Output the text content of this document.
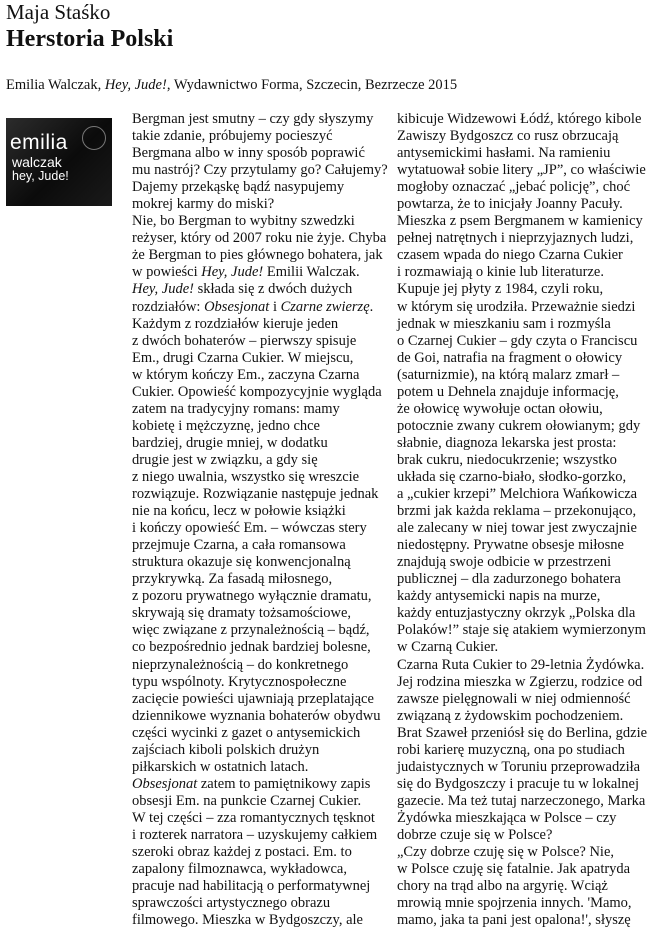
Maja Staśko
Herstoria Polski
Emilia Walczak, Hey, Jude!, Wydawnictwo Forma, Szczecin, Bezrzecze 2015
emilia
walczak
hey, Jude!
Bergman jest smutny – czy gdy słyszymy
takie zdanie, próbujemy pocieszyć
Bergmana albo w inny sposób poprawić
mu nastrój? Czy przytulamy go? Całujemy?
Dajemy przekąskę bądź nasypujemy
mokrej karmy do miski?
Nie, bo Bergman to wybitny szwedzki
reżyser, który od 2007 roku nie żyje. Chyba
że Bergman to pies głównego bohatera, jak
w powieści Hey, Jude! Emilii Walczak.
Hey, Jude! składa się z dwóch dużych
rozdziałów: Obsesjonat i Czarne zwierzę.
Każdym z rozdziałów kieruje jeden
z dwóch bohaterów – pierwszy spisuje
Em., drugi Czarna Cukier. W miejscu,
w którym kończy Em., zaczyna Czarna
Cukier. Opowieść kompozycyjnie wygląda
zatem na tradycyjny romans: mamy
kobietę i mężczyznę, jedno chce
bardziej, drugie mniej, w dodatku
drugie jest w związku, a gdy się
z niego uwalnia, wszystko się wreszcie
rozwiązuje. Rozwiązanie następuje jednak
nie na końcu, lecz w połowie książki
i kończy opowieść Em. – wówczas stery
przejmuje Czarna, a cała romansowa
struktura okazuje się konwencjonalną
przykrywką. Za fasadą miłosnego,
z pozoru prywatnego wyłącznie dramatu,
skrywają się dramaty tożsamościowe,
więc związane z przynależnością – bądź,
co bezpośrednio jednak bardziej bolesne,
nieprzynależnością – do konkretnego
typu wspólnoty. Krytycznospołeczne
zacięcie powieści ujawniają przeplatające
dziennikowe wyznania bohaterów obydwu
części wycinki z gazet o antysemickich
zajściach kiboli polskich drużyn
piłkarskich w ostatnich latach.
Obsesjonat zatem to pamiętnikowy zapis
obsesji Em. na punkcie Czarnej Cukier.
W tej części – zza romantycznych tęsknot
i rozterek narratora – uzyskujemy całkiem
szeroki obraz każdej z postaci. Em. to
zapalony filmoznawca, wykładowca,
pracuje nad habilitacją o performatywnej
sprawczości artystycznego obrazu
filmowego. Mieszka w Bydgoszczy, ale
kibicuje Widzewowi Łódź, którego kibole
Zawiszy Bydgoszcz co rusz obrzucają
antysemickimi hasłami. Na ramieniu
wytatuował sobie litery „JP”, co właściwie
mogłoby oznaczać „jebać policję”, choć
powtarza, że to inicjały Joanny Pacuły.
Mieszka z psem Bergmanem w kamienicy
pełnej natrętnych i nieprzyjaznych ludzi,
czasem wpada do niego Czarna Cukier
i rozmawiają o kinie lub literaturze.
Kupuje jej płyty z 1984, czyli roku,
w którym się urodziła. Przeważnie siedzi
jednak w mieszkaniu sam i rozmyśla
o Czarnej Cukier – gdy czyta o Franciscu
de Goi, natrafia na fragment o ołowicy
(saturnizmie), na którą malarz zmarł –
potem u Dehnela znajduje informację,
że ołowicę wywołuje octan ołowiu,
potocznie zwany cukrem ołowianym; gdy
słabnie, diagnoza lekarska jest prosta:
brak cukru, niedocukrzenie; wszystko
układa się czarno-biało, słodko-gorzko,
a „cukier krzepi” Melchiora Wańkowicza
brzmi jak każda reklama – przekonująco,
ale zalecany w niej towar jest zwyczajnie
niedostępny. Prywatne obsesje miłosne
znajdują swoje odbicie w przestrzeni
publicznej – dla zadurzonego bohatera
każdy antysemicki napis na murze,
każdy entuzjastyczny okrzyk „Polska dla
Polaków!” staje się atakiem wymierzonym
w Czarną Cukier.
Czarna Ruta Cukier to 29-letnia Żydówka.
Jej rodzina mieszka w Zgierzu, rodzice od
zawsze pielęgnowali w niej odmienność
związaną z żydowskim pochodzeniem.
Brat Szaweł przeniósł się do Berlina, gdzie
robi karierę muzyczną, ona po studiach
judaistycznych w Toruniu przeprowadziła
się do Bydgoszczy i pracuje tu w lokalnej
gazecie. Ma też tutaj narzeczonego, Marka
Żydówka mieszkająca w Polsce – czy
dobrze czuje się w Polsce?
„Czy dobrze czuję się w Polsce? Nie,
w Polsce czuję się fatalnie. Jak apatryda
chory na trąd albo na argyrię. Wciąż
mrowią mnie spojrzenia innych. 'Mamo,
mamo, jaka ta pani jest opalona!', słyszę
